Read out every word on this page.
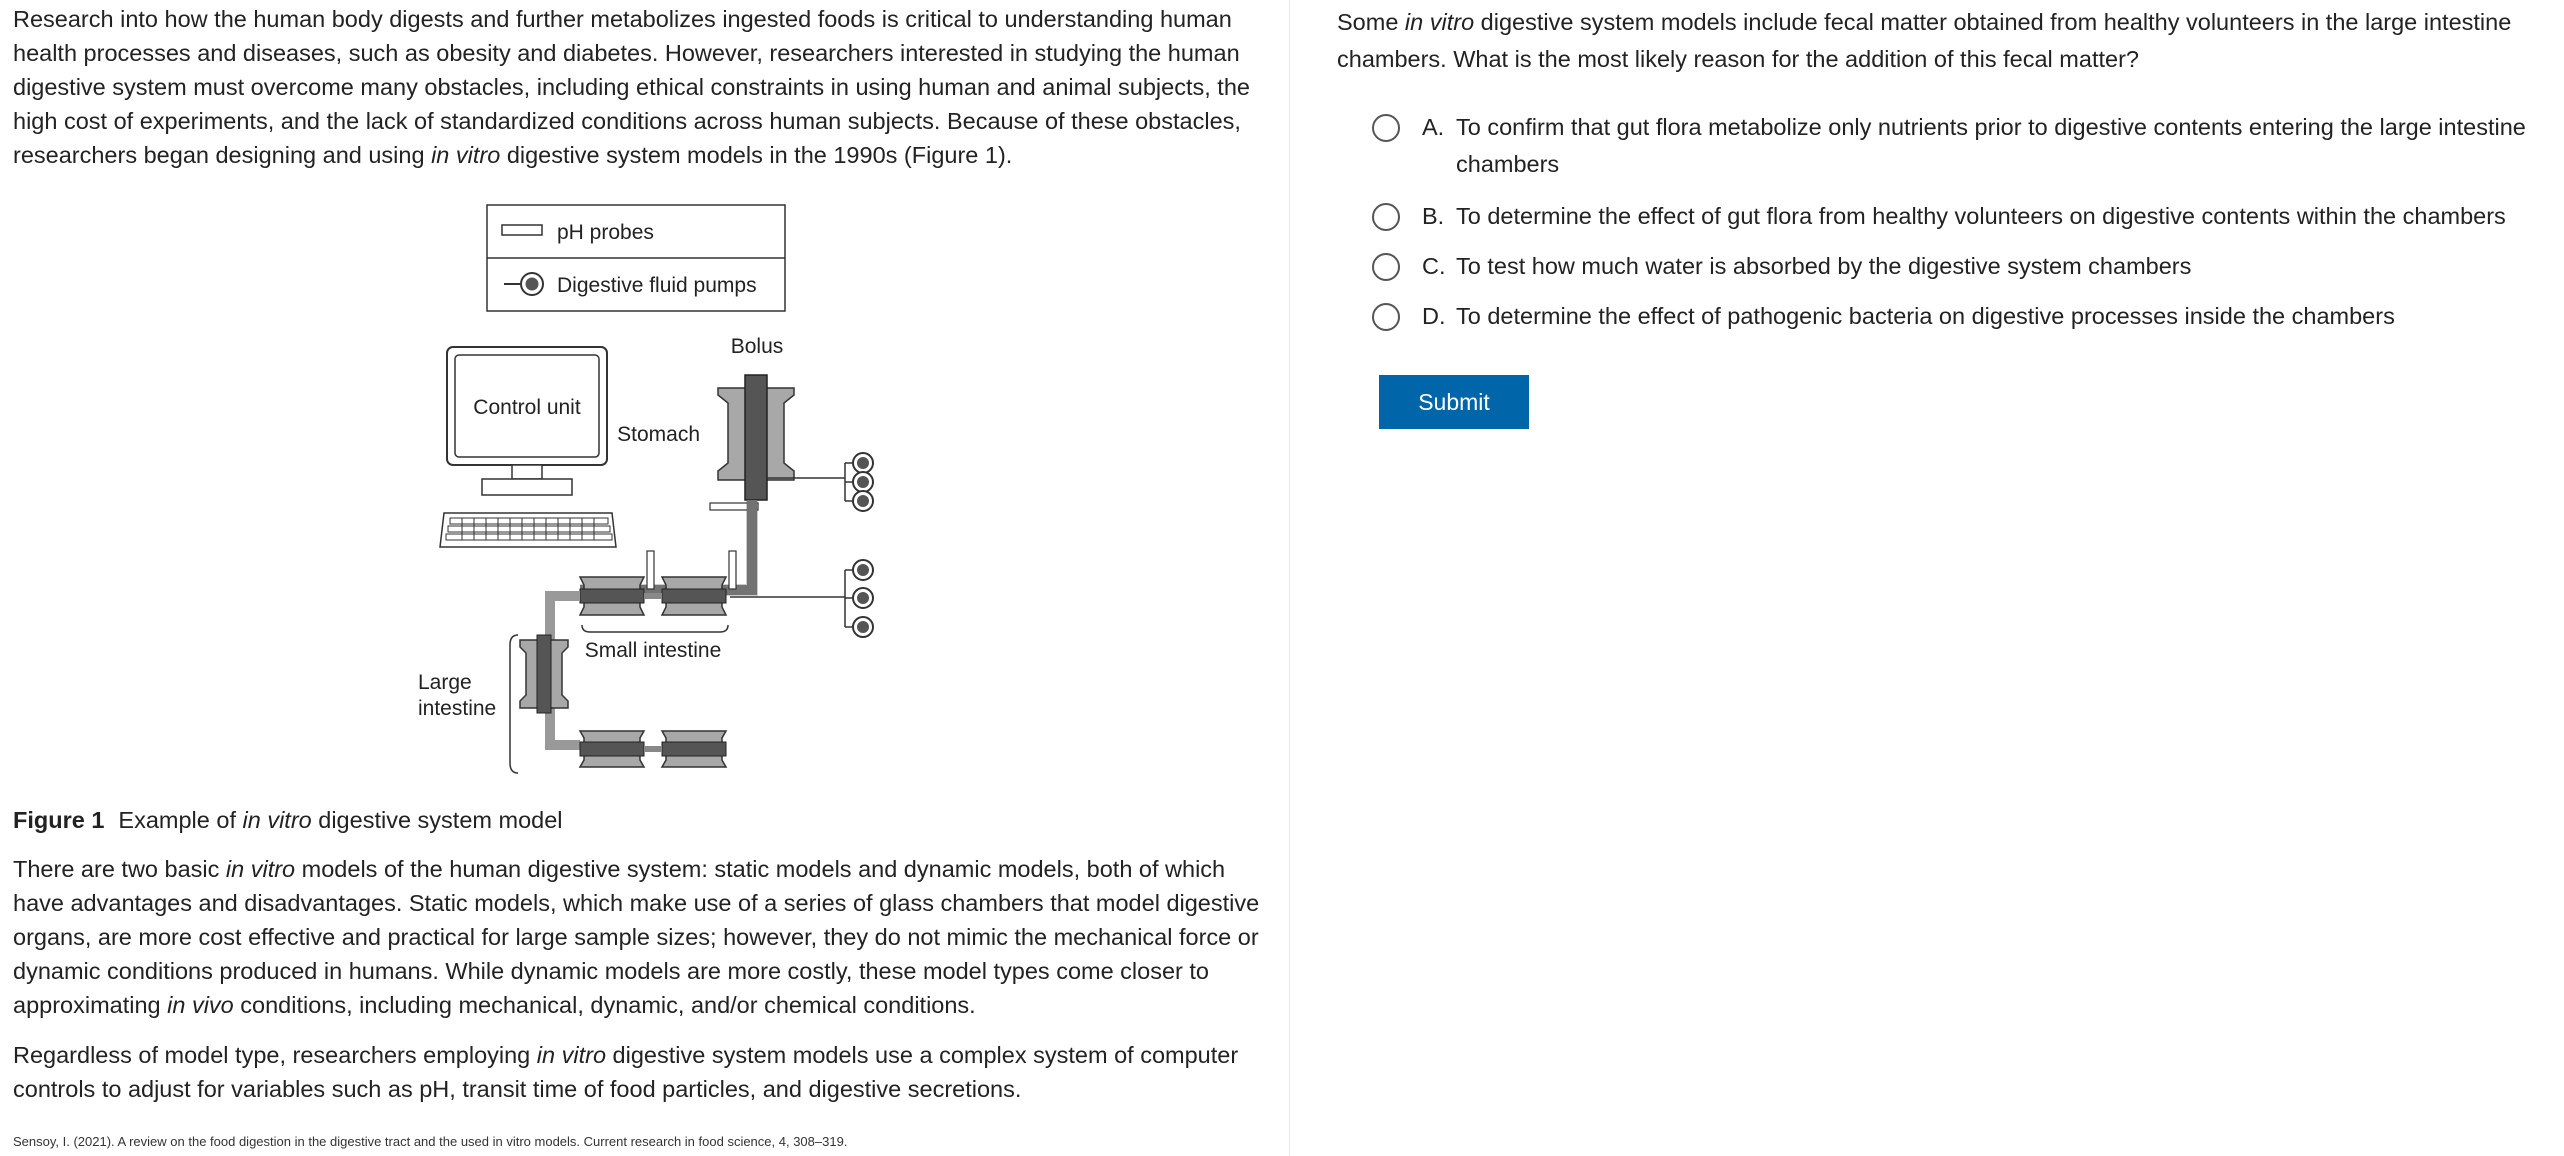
Research into how the human body digests and further metabolizes ingested foods is critical to understanding human health processes and diseases, such as obesity and diabetes. However, researchers interested in studying the human digestive system must overcome many obstacles, including ethical constraints in using human and animal subjects, the high cost of experiments, and the lack of standardized conditions across human subjects. Because of these obstacles, researchers began designing and using in vitro digestive system models in the 1990s (Figure 1).

pH probes
Digestive fluid pumps
Control unit
Bolus
Stomach
Small intestine
Large
intestine

Figure 1 Example of in vitro digestive system model

There are two basic in vitro models of the human digestive system: static models and dynamic models, both of which have advantages and disadvantages. Static models, which make use of a series of glass chambers that model digestive organs, are more cost effective and practical for large sample sizes; however, they do not mimic the mechanical force or dynamic conditions produced in humans. While dynamic models are more costly, these model types come closer to approximating in vivo conditions, including mechanical, dynamic, and/or chemical conditions.

Regardless of model type, researchers employing in vitro digestive system models use a complex system of computer controls to adjust for variables such as pH, transit time of food particles, and digestive secretions.

Sensoy, I. (2021). A review on the food digestion in the digestive tract and the used in vitro models. Current research in food science, 4, 308–319.

Some in vitro digestive system models include fecal matter obtained from healthy volunteers in the large intestine chambers. What is the most likely reason for the addition of this fecal matter?

A. To confirm that gut flora metabolize only nutrients prior to digestive contents entering the large intestine chambers
B. To determine the effect of gut flora from healthy volunteers on digestive contents within the chambers
C. To test how much water is absorbed by the digestive system chambers
D. To determine the effect of pathogenic bacteria on digestive processes inside the chambers
Submit
